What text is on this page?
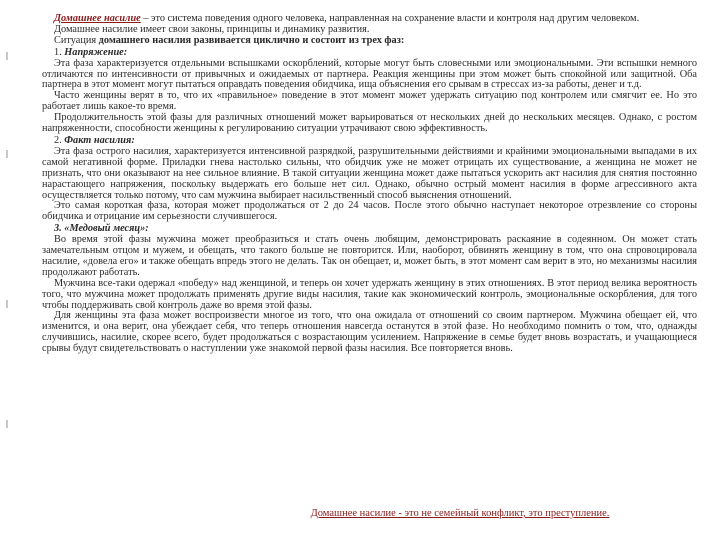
Домашнее насилие – это система поведения одного человека, направленная на сохранение власти и контроля над другим человеком.

Домашнее насилие имеет свои законы, принципы и динамику развития.

Ситуация домашнего насилия развивается циклично и состоит из трех фаз:

1. Напряжение:

Эта фаза характеризуется отдельными вспышками оскорблений, которые могут быть словесными или эмоциональными. Эти вспышки немного отличаются по интенсивности от привычных и ожидаемых от партнера. Реакция женщины при этом может быть спокойной или защитной. Оба партнера в этот момент могут пытаться оправдать поведения обидчика, ища объяснения его срывам в стрессах из-за работы, денег и т.д.

Часто женщины верят в то, что их «правильное» поведение в этот момент может удержать ситуацию под контролем или смягчит ее. Но это работает лишь какое-то время.

Продолжительность этой фазы для различных отношений может варьироваться от нескольких дней до нескольких месяцев. Однако, с ростом напряженности, способности женщины к регулированию ситуации утрачивают свою эффективность.

2. Факт насилия:

Эта фаза острого насилия, характеризуется интенсивной разрядкой, разрушительными действиями и крайними эмоциональными выпадами в их самой негативной форме. Приладки гнева настолько сильны, что обидчик уже не может отрицать их существование, а женщина не может не признать, что они оказывают на нее сильное влияние. В такой ситуации женщина может даже пытаться ускорить акт насилия для снятия постоянно нарастающего напряжения, поскольку выдержать его больше нет сил. Однако, обычно острый момент насилия в форме агрессивного акта осуществляется только потому, что сам мужчина выбирает насильственный способ выяснения отношений.

Это самая короткая фаза, которая может продолжаться от 2 до 24 часов. После этого обычно наступает некоторое отрезвление со стороны обидчика и отрицание им серьезности случившегося.

3. «Медовый месяц»:

Во время этой фазы мужчина может преобразиться и стать очень любящим, демонстрировать раскаяние в содеянном. Он может стать замечательным отцом и мужем, и обещать, что такого больше не повторится. Или, наоборот, обвинять женщину в том, что она спровоцировала насилие, «довела его» и также обещать впредь этого не делать. Так он обещает, и, может быть, в этот момент сам верит в это, но механизмы насилия продолжают работать.

Мужчина все-таки одержал «победу» над женщиной, и теперь он хочет удержать женщину в этих отношениях. В этот период велика вероятность того, что мужчина может продолжать применять другие виды насилия, такие как экономический контроль, эмоциональные оскорбления, для того чтобы поддерживать свой контроль даже во время этой фазы.

Для женщины эта фаза может воспроизвести многое из того, что она ожидала от отношений со своим партнером. Мужчина обещает ей, что изменится, и она верит, она убеждает себя, что теперь отношения навсегда останутся в этой фазе. Но необходимо помнить о том, что, однажды случившись, насилие, скорее всего, будет продолжаться с возрастающим усилением. Напряжение в семье будет вновь возрастать, и учащающиеся срывы будут свидетельствовать о наступлении уже знакомой первой фазы насилия. Все повторяется вновь.

Домашнее насилие - это не семейный конфликт, это преступление.
